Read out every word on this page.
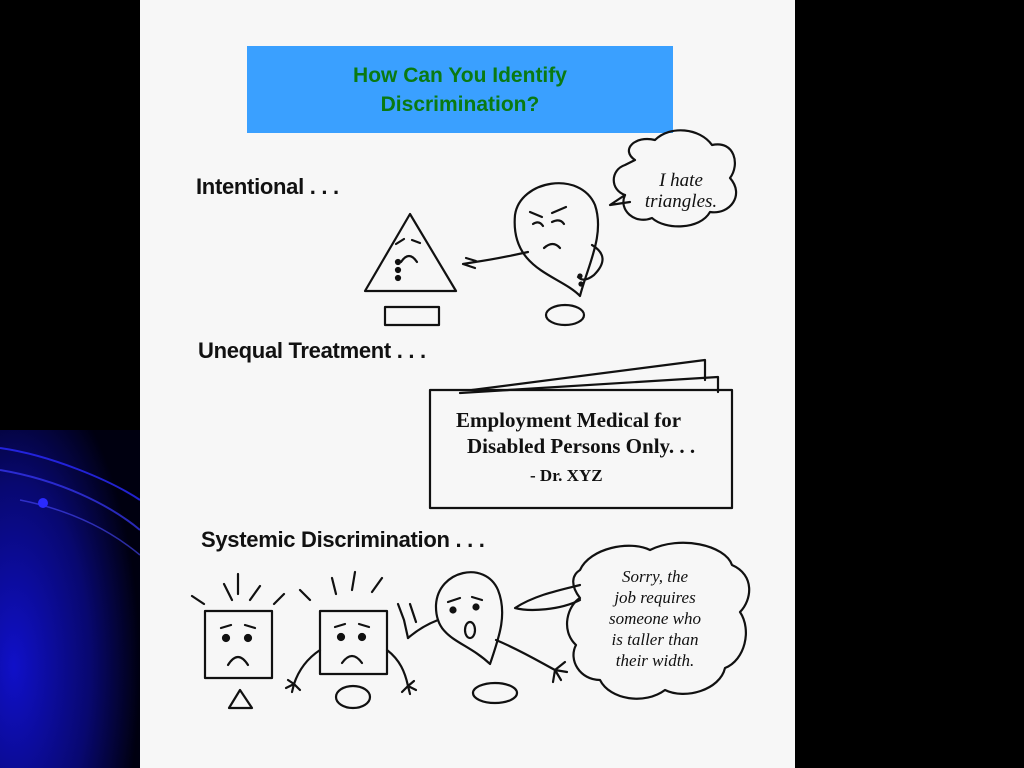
How Can You Identify
Discrimination?
Intentional . . .
Unequal Treatment . . .
Systemic Discrimination . . .
I hate
triangles.
Employment Medical for
Disabled Persons Only. . .
- Dr. XYZ
Sorry, the
job requires
someone who
is taller than
their width.
